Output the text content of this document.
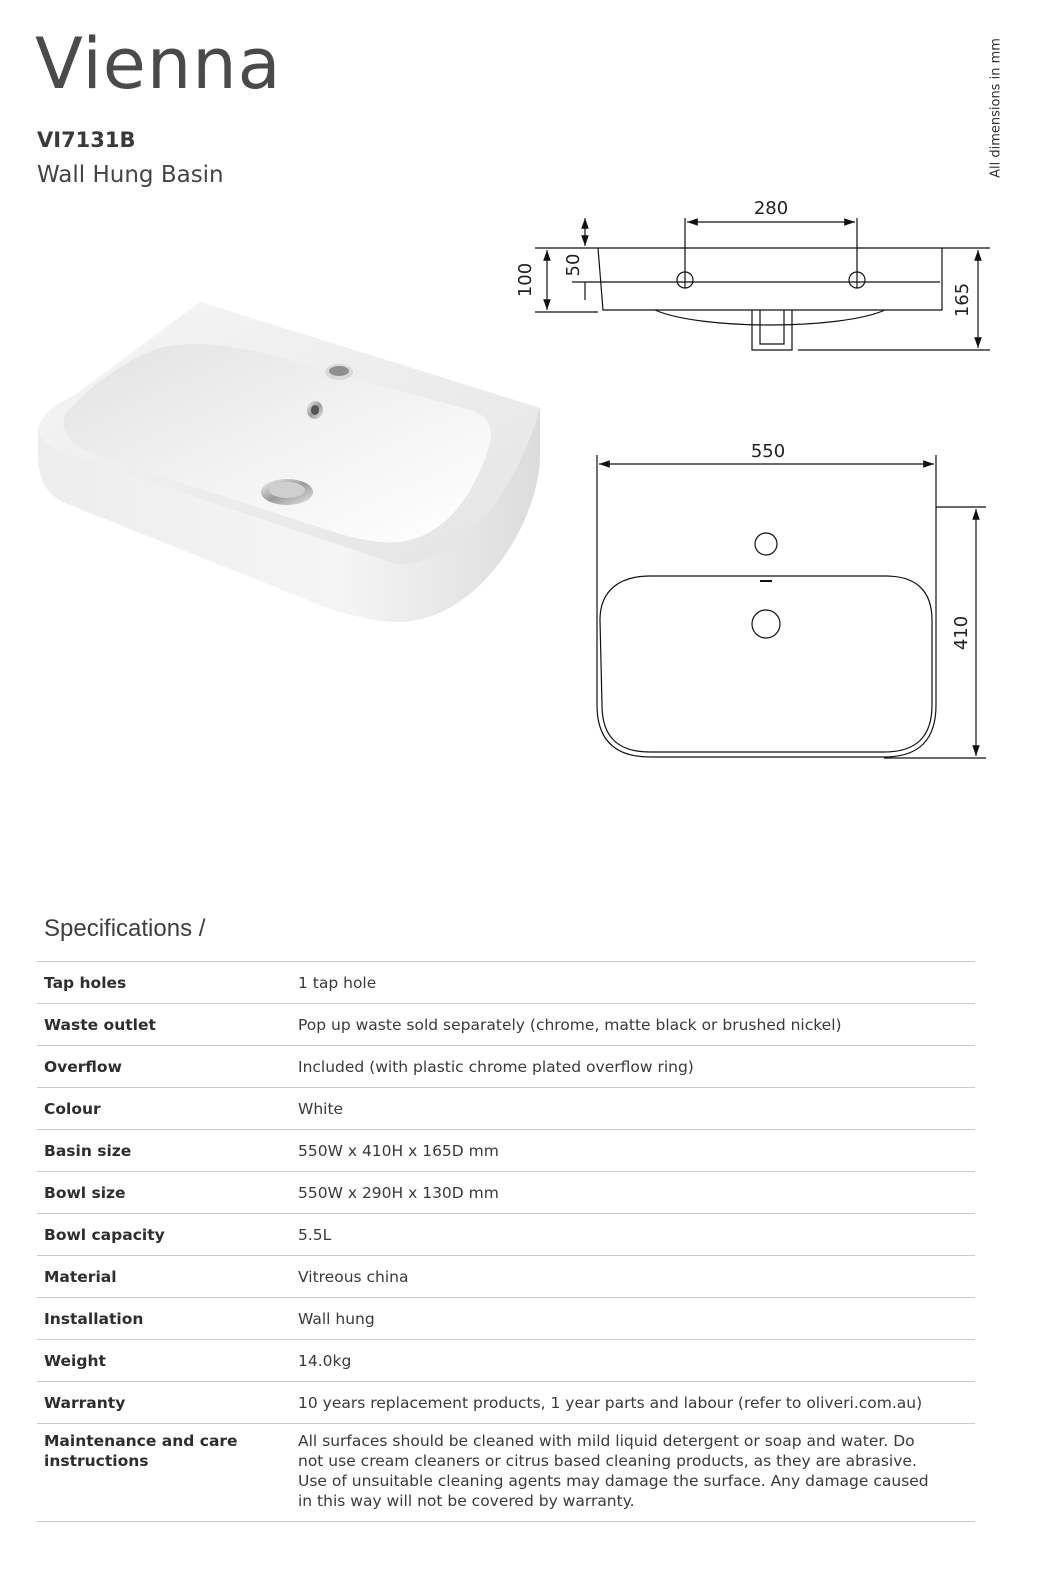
Vienna
VI7131B
Wall Hung Basin	All dimensions in mm
280
165
100 50
550
410
Specifications /
Tap holes	1 tap hole
Waste outlet	Pop up waste sold separately (chrome, matte black or brushed nickel)
Overflow	Included (with plastic chrome plated overflow ring)
Colour	White
Basin size	550W x 410H x 165D mm
Bowl size	550W x 290H x 130D mm
Bowl capacity	5.5L
Material	Vitreous china
Installation	Wall hung
Weight	14.0kg
Warranty	10 years replacement products, 1 year parts and labour (refer to oliveri.com.au)
Maintenance and care instructions	All surfaces should be cleaned with mild liquid detergent or soap and water. Do not use cream cleaners or citrus based cleaning products, as they are abrasive. Use of unsuitable cleaning agents may damage the surface. Any damage caused in this way will not be covered by warranty.
